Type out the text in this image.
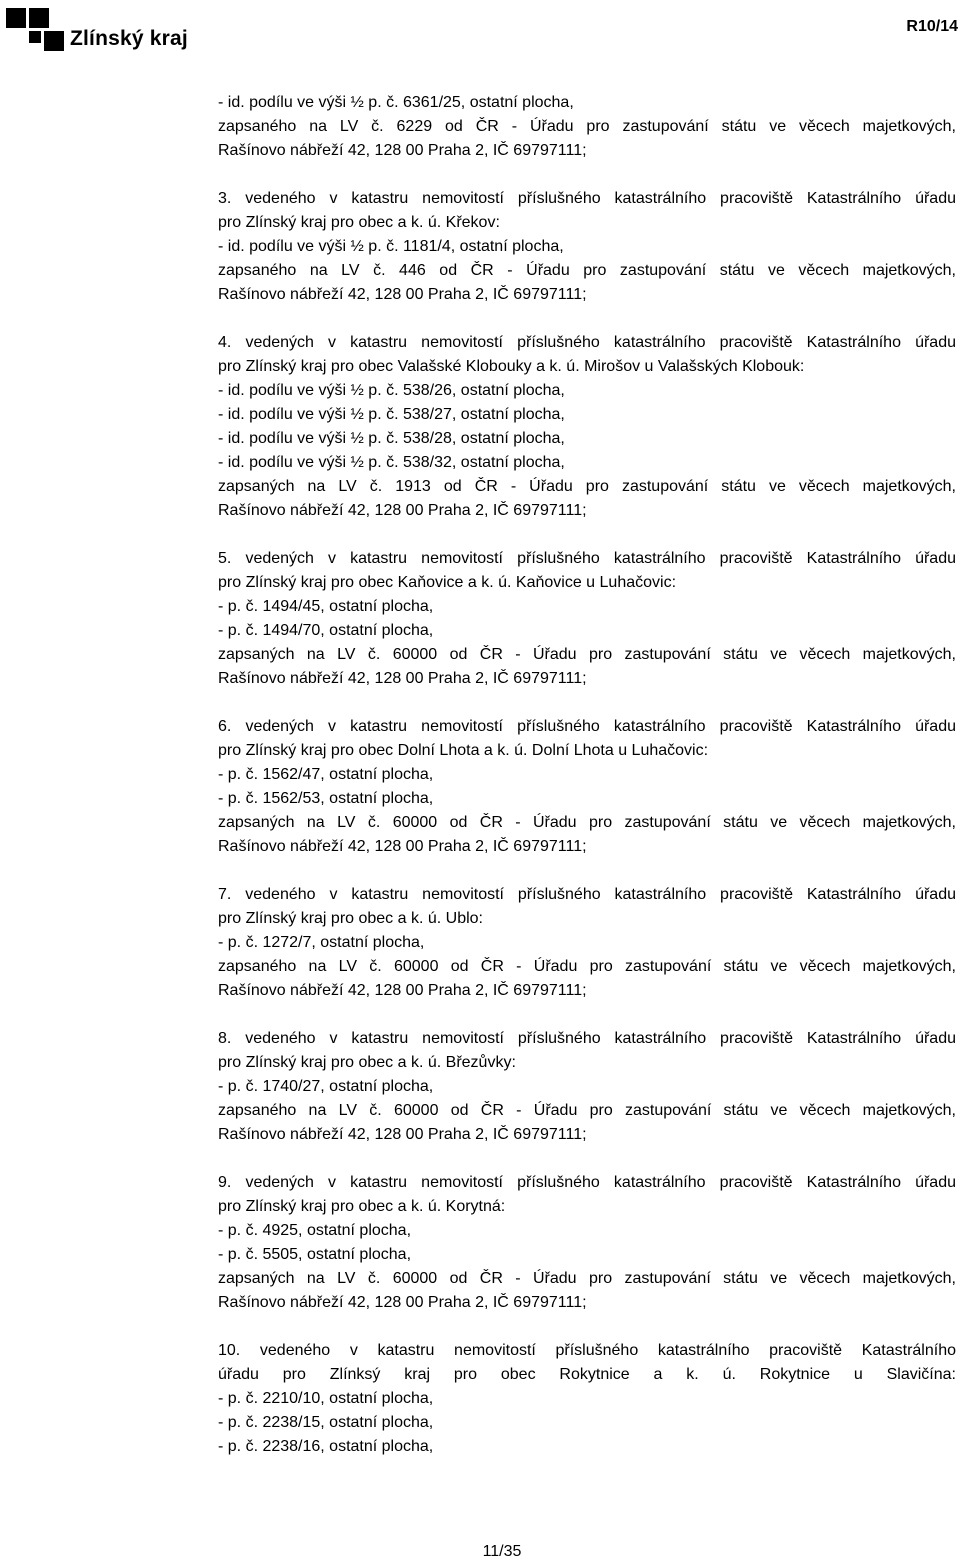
Zlínský kraj
R10/14
- id. podílu ve výši ½ p. č. 6361/25, ostatní plocha,
zapsaného na LV č. 6229 od ČR - Úřadu pro zastupování státu ve věcech majetkových,
Rašínovo nábřeží 42, 128 00 Praha 2, IČ 69797111;
3. vedeného v katastru nemovitostí příslušného katastrálního pracoviště Katastrálního úřadu
pro Zlínský kraj pro obec a k. ú. Křekov:
- id. podílu ve výši ½ p. č. 1181/4, ostatní plocha,
zapsaného na LV č. 446 od ČR - Úřadu pro zastupování státu ve věcech majetkových,
Rašínovo nábřeží 42, 128 00 Praha 2, IČ 69797111;
4. vedených v katastru nemovitostí příslušného katastrálního pracoviště Katastrálního úřadu
pro Zlínský kraj pro obec Valašské Klobouky a k. ú. Mirošov u Valašských Klobouk:
- id. podílu ve výši ½ p. č. 538/26, ostatní plocha,
- id. podílu ve výši ½ p. č. 538/27, ostatní plocha,
- id. podílu ve výši ½ p. č. 538/28, ostatní plocha,
- id. podílu ve výši ½ p. č. 538/32, ostatní plocha,
zapsaných na LV č. 1913 od ČR - Úřadu pro zastupování státu ve věcech majetkových,
Rašínovo nábřeží 42, 128 00 Praha 2, IČ 69797111;
5. vedených v katastru nemovitostí příslušného katastrálního pracoviště Katastrálního úřadu
pro Zlínský kraj pro obec Kaňovice a k. ú. Kaňovice u Luhačovic:
- p. č. 1494/45, ostatní plocha,
- p. č. 1494/70, ostatní plocha,
zapsaných na LV č. 60000 od ČR - Úřadu pro zastupování státu ve věcech majetkových,
Rašínovo nábřeží 42, 128 00 Praha 2, IČ 69797111;
6. vedených v katastru nemovitostí příslušného katastrálního pracoviště Katastrálního úřadu
pro Zlínský kraj pro obec Dolní Lhota a k. ú. Dolní Lhota u Luhačovic:
- p. č. 1562/47, ostatní plocha,
- p. č. 1562/53, ostatní plocha,
zapsaných na LV č. 60000 od ČR - Úřadu pro zastupování státu ve věcech majetkových,
Rašínovo nábřeží 42, 128 00 Praha 2, IČ 69797111;
7. vedeného v katastru nemovitostí příslušného katastrálního pracoviště Katastrálního úřadu
pro Zlínský kraj pro obec a k. ú. Ublo:
- p. č. 1272/7, ostatní plocha,
zapsaného na LV č. 60000 od ČR - Úřadu pro zastupování státu ve věcech majetkových,
Rašínovo nábřeží 42, 128 00 Praha 2, IČ 69797111;
8. vedeného v katastru nemovitostí příslušného katastrálního pracoviště Katastrálního úřadu
pro Zlínský kraj pro obec a k. ú. Březůvky:
- p. č. 1740/27, ostatní plocha,
zapsaného na LV č. 60000 od ČR - Úřadu pro zastupování státu ve věcech majetkových,
Rašínovo nábřeží 42, 128 00 Praha 2, IČ 69797111;
9. vedených v katastru nemovitostí příslušného katastrálního pracoviště Katastrálního úřadu
pro Zlínský kraj pro obec a k. ú. Korytná:
- p. č. 4925, ostatní plocha,
- p. č. 5505, ostatní plocha,
zapsaných na LV č. 60000 od ČR - Úřadu pro zastupování státu ve věcech majetkových,
Rašínovo nábřeží 42, 128 00 Praha 2, IČ 69797111;
10. vedeného v katastru nemovitostí příslušného katastrálního pracoviště Katastrálního
úřadu pro Zlínksý kraj pro obec Rokytnice a k. ú. Rokytnice u Slavičína:
- p. č. 2210/10, ostatní plocha,
- p. č. 2238/15, ostatní plocha,
- p. č. 2238/16, ostatní plocha,
11/35
